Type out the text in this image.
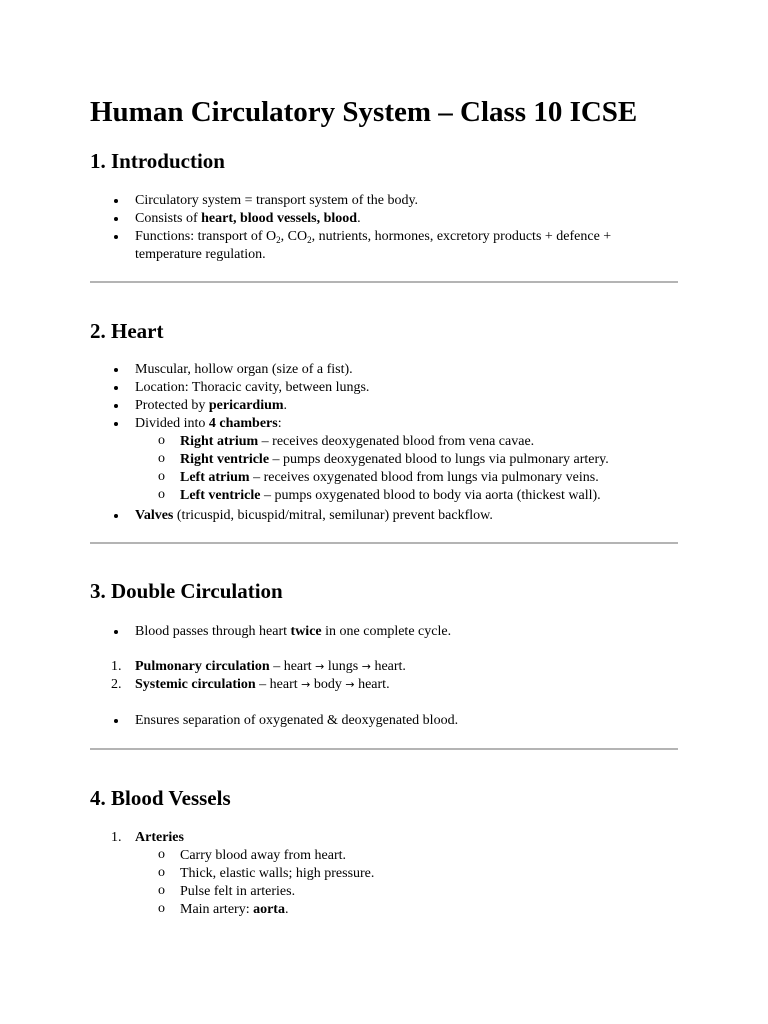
Human Circulatory System – Class 10 ICSE
1. Introduction
Circulatory system = transport system of the body.
Consists of heart, blood vessels, blood.
Functions: transport of $O_2$, $CO_2$, nutrients, hormones, excretory products + defence +
temperature regulation.
2. Heart
Muscular, hollow organ (size of a fist).
Location: Thoracic cavity, between lungs.
Protected by pericardium.
Divided into 4 chambers:
o Right atrium – receives deoxygenated blood from vena cavae.
o Right ventricle – pumps deoxygenated blood to lungs via pulmonary artery.
o Left atrium – receives oxygenated blood from lungs via pulmonary veins.
o Left ventricle – pumps oxygenated blood to body via aorta (thickest wall).
Valves (tricuspid, bicuspid/mitral, semilunar) prevent backflow.
3. Double Circulation
Blood passes through heart twice in one complete cycle.
1. Pulmonary circulation – heart → lungs → heart.
2. Systemic circulation – heart → body → heart.
Ensures separation of oxygenated & deoxygenated blood.
4. Blood Vessels
1. Arteries
o Carry blood away from heart.
o Thick, elastic walls; high pressure.
o Pulse felt in arteries.
o Main artery: aorta.
